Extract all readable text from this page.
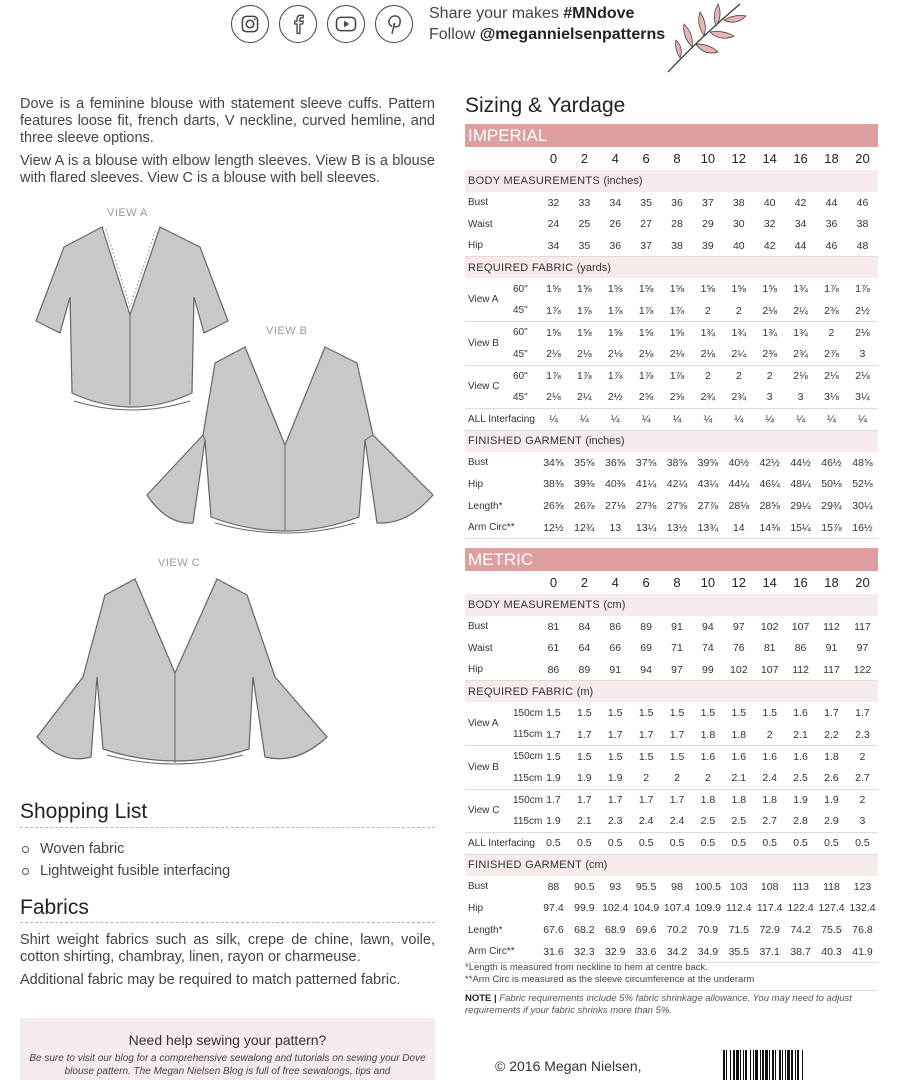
Share your makes #MNdove
Follow @megannielsenpatterns

Dove is a feminine blouse with statement sleeve cuffs. Pattern features loose fit, french darts, V neckline, curved hemline, and three sleeve options.

View A is a blouse with elbow length sleeves. View B is a blouse with flared sleeves. View C is a blouse with bell sleeves.

VIEW A
VIEW B
VIEW C
Shopping List
Woven fabric
Lightweight fusible interfacing
Fabrics

Shirt weight fabrics such as silk, crepe de chine, lawn, voile, cotton shirting, chambray, linen, rayon or charmeuse.

Additional fabric may be required to match patterned fabric.

Need help sewing your pattern?
Be sure to visit our blog for a comprehensive sewalong and tutorials on sewing your Dove blouse pattern. The Megan Nielsen Blog is full of free sewalongs, tips and
Sizing & Yardage
IMPERIAL												
		0	2	4	6	8	10	12	14	16	18	20
BODY MEASUREMENTS (inches)												
Bust		32	33	34	35	36	37	38	40	42	44	46
Waist		24	25	26	27	28	29	30	32	34	36	38
Hip		34	35	36	37	38	39	40	42	44	46	48
REQUIRED FABRIC (yards)												
View A	60"	1⅝	1⅝	1⅝	1⅝	1⅝	1⅝	1⅝	1⅝	1¾	1⅞	1⅞
	45"	1⅞	1⅞	1⅞	1⅞	1⅞	2	2	2⅛	2¼	2⅜	2½
View B	60"	1⅝	1⅝	1⅝	1⅝	1⅝	1¾	1¾	1¾	1¾	2	2⅛
	45"	2⅛	2⅛	2⅛	2⅛	2⅛	2⅛	2¼	2⅜	2¾	2⅞	3
View C	60"	1⅞	1⅞	1⅞	1⅞	1⅞	2	2	2	2⅛	2⅛	2⅛
	45"	2⅛	2¼	2½	2⅝	2⅝	2¾	2¾	3	3	3⅛	3¼
ALL Interfacing		¼	¼	¼	¼	¼	¼	¼	¼	¼	¼	¼
FINISHED GARMENT (inches)												
Bust		34⅝	35⅝	36⅝	37⅝	38⅝	39⅝	40½	42½	44½	46½	48⅝
Hip		38⅜	39⅜	40⅜	41¼	42¼	43¼	44¼	46¼	48¼	50⅛	52⅛
Length*		26⅝	26⅞	27⅛	27⅜	27⅝	27⅞	28⅛	28⅝	29¼	29¾	30¼
Arm Circ**		12½	12¾	13	13¼	13½	13¾	14	14⅜	15¼	15⅞	16½
METRIC												
		0	2	4	6	8	10	12	14	16	18	20
BODY MEASUREMENTS (cm)												
Bust		81	84	86	89	91	94	97	102	107	112	117
Waist		61	64	66	69	71	74	76	81	86	91	97
Hip		86	89	91	94	97	99	102	107	112	117	122
REQUIRED FABRIC (m)												
View A	150cm	1.5	1.5	1.5	1.5	1.5	1.5	1.5	1.5	1.6	1.7	1.7
	115cm	1.7	1.7	1.7	1.7	1.7	1.8	1.8	2	2.1	2.2	2.3
View B	150cm	1.5	1.5	1.5	1.5	1.5	1.6	1.6	1.6	1.6	1.8	2
	115cm	1.9	1.9	1.9	2	2	2	2.1	2.4	2.5	2.6	2.7
View C	150cm	1.7	1.7	1.7	1.7	1.7	1.8	1.8	1.8	1.9	1.9	2
	115cm	1.9	2.1	2.3	2.4	2.4	2.5	2.5	2.7	2.8	2.9	3
ALL Interfacing		0.5	0.5	0.5	0.5	0.5	0.5	0.5	0.5	0.5	0.5	0.5
FINISHED GARMENT (cm)												
Bust		88	90.5	93	95.5	98	100.5	103	108	113	118	123
Hip		97.4	99.9	102.4	104.9	107.4	109.9	112.4	117.4	122.4	127.4	132.4
Length*		67.6	68.2	68.9	69.6	70.2	70.9	71.5	72.9	74.2	75.5	76.8
Arm Circ**		31.6	32.3	32.9	33.6	34.2	34.9	35.5	37.1	38.7	40.3	41.9
*Length is measured from neckline to hem at centre back.
**Arm Circ is measured as the sleeve circumference at the underarm
NOTE | Fabric requirements include 5% fabric shrinkage allowance. You may need to adjust requirements if your fabric shrinks more than 5%.
© 2016 Megan Nielsen,
